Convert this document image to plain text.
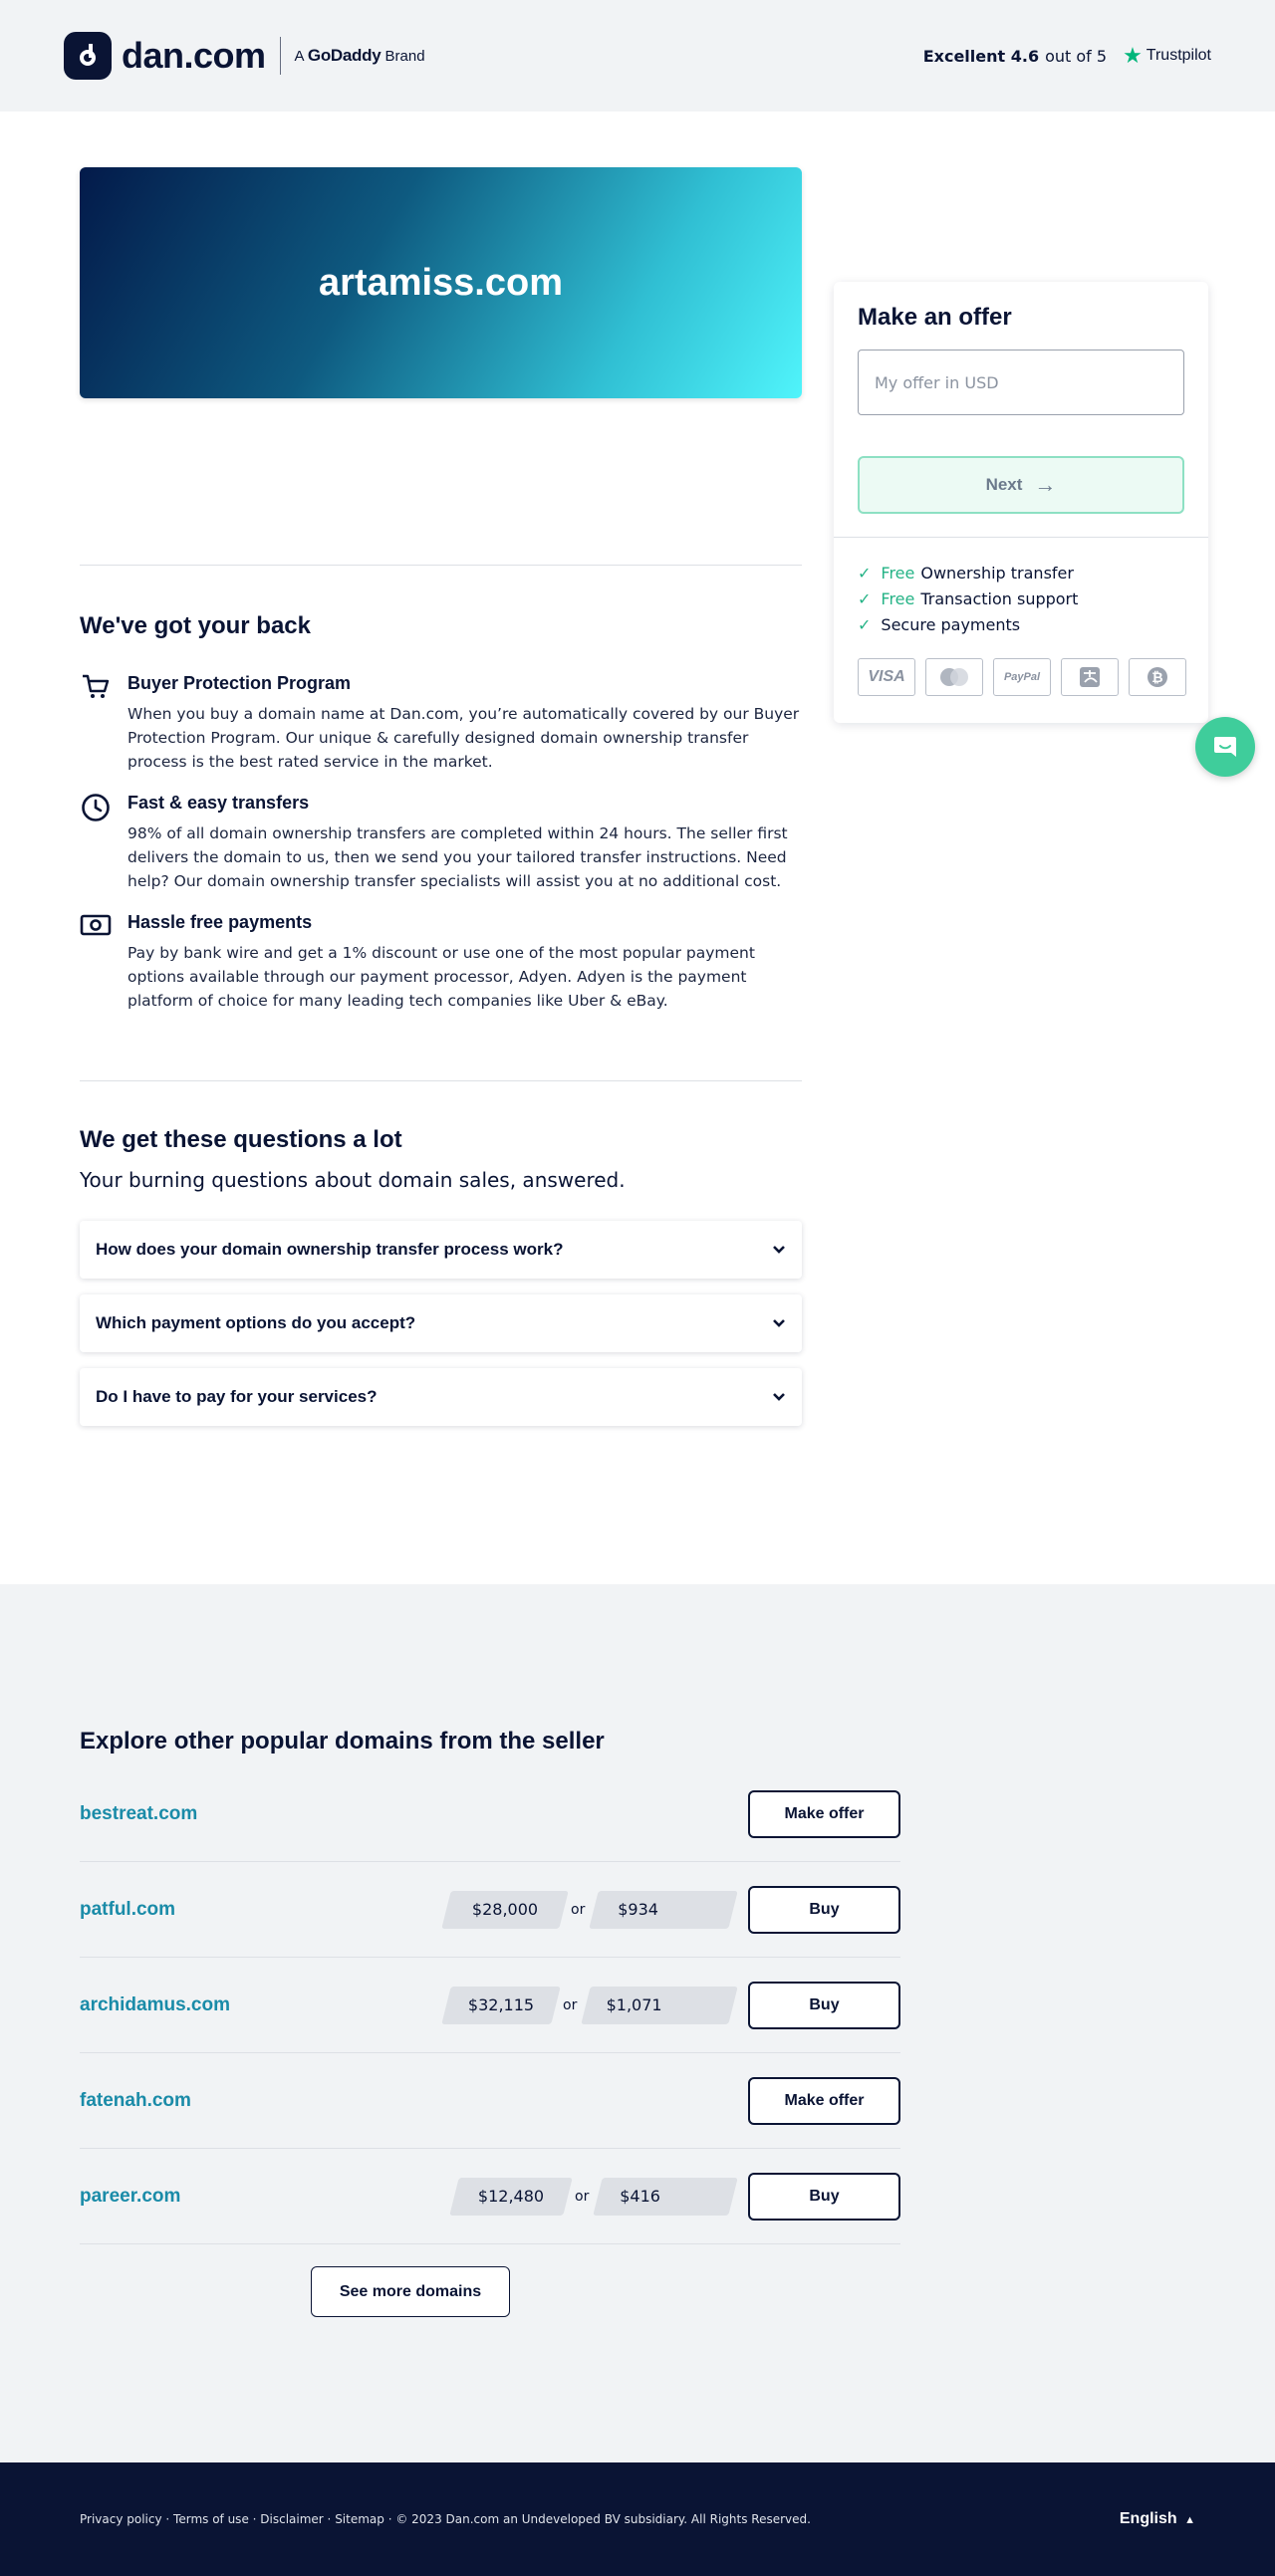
dan.com A GoDaddy Brand	Excellent 4.6 out of 5 ★ Trustpilot
artamiss.com
We've got your back
Buyer Protection Program

When you buy a domain name at Dan.com, you’re automatically covered by our Buyer Protection Program. Our unique & carefully designed domain ownership transfer process is the best rated service in the market.

Fast & easy transfers

98% of all domain ownership transfers are completed within 24 hours. The seller first delivers the domain to us, then we send you your tailored transfer instructions. Need help? Our domain ownership transfer specialists will assist you at no additional cost.

Hassle free payments

Pay by bank wire and get a 1% discount or use one of the most popular payment options available through our payment processor, Adyen. Adyen is the payment platform of choice for many leading tech companies like Uber & eBay.

We get these questions a lot
Your burning questions about domain sales, answered.
How does your domain ownership transfer process work?
Which payment options do you accept?
Do I have to pay for your services?
Make an offer
My offer in USD
Next →
✓ Free Ownership transfer
✓ Free Transaction support
✓ Secure payments
VISA	PayPal	₿
Explore other popular domains from the seller
bestreat.com	Make offer
patful.com	$28,000 or $934	Buy
archidamus.com	$32,115 or $1,071	Buy
fatenah.com	Make offer
pareer.com	$12,480 or $416	Buy
See more domains
Privacy policy · Terms of use · Disclaimer · Sitemap · © 2023 Dan.com an Undeveloped BV subsidiary. All Rights Reserved.	English ▲
